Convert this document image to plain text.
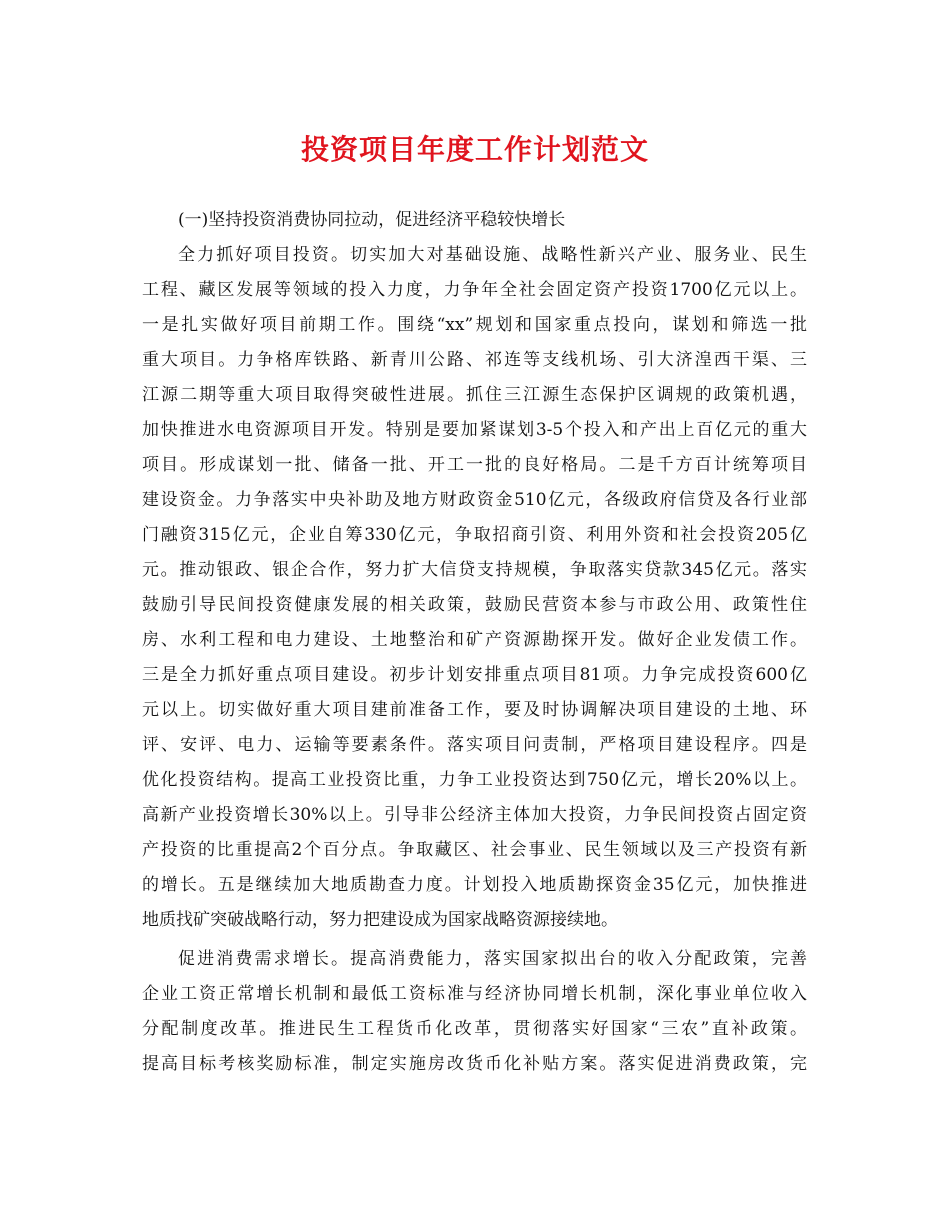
投资项目年度工作计划范文
(一)坚持投资消费协同拉动，促进经济平稳较快增长
全力抓好项目投资。切实加大对基础设施、战略性新兴产业、服务业、民生
工程、藏区发展等领域的投入力度，力争年全社会固定资产投资1700亿元以上。
一是扎实做好项目前期工作。围绕“xx”规划和国家重点投向，谋划和筛选一批
重大项目。力争格库铁路、新青川公路、祁连等支线机场、引大济湟西干渠、三
江源二期等重大项目取得突破性进展。抓住三江源生态保护区调规的政策机遇，
加快推进水电资源项目开发。特别是要加紧谋划3-5个投入和产出上百亿元的重大
项目。形成谋划一批、储备一批、开工一批的良好格局。二是千方百计统筹项目
建设资金。力争落实中央补助及地方财政资金510亿元，各级政府信贷及各行业部
门融资315亿元，企业自筹330亿元，争取招商引资、利用外资和社会投资205亿
元。推动银政、银企合作，努力扩大信贷支持规模，争取落实贷款345亿元。落实
鼓励引导民间投资健康发展的相关政策，鼓励民营资本参与市政公用、政策性住
房、水利工程和电力建设、土地整治和矿产资源勘探开发。做好企业发债工作。
三是全力抓好重点项目建设。初步计划安排重点项目81项。力争完成投资600亿
元以上。切实做好重大项目建前准备工作，要及时协调解决项目建设的土地、环
评、安评、电力、运输等要素条件。落实项目问责制，严格项目建设程序。四是
优化投资结构。提高工业投资比重，力争工业投资达到750亿元，增长20%以上。
高新产业投资增长30%以上。引导非公经济主体加大投资，力争民间投资占固定资
产投资的比重提高2个百分点。争取藏区、社会事业、民生领域以及三产投资有新
的增长。五是继续加大地质勘查力度。计划投入地质勘探资金35亿元，加快推进
地质找矿突破战略行动，努力把建设成为国家战略资源接续地。
促进消费需求增长。提高消费能力，落实国家拟出台的收入分配政策，完善
企业工资正常增长机制和最低工资标准与经济协同增长机制，深化事业单位收入
分配制度改革。推进民生工程货币化改革，贯彻落实好国家“三农”直补政策。
提高目标考核奖励标准，制定实施房改货币化补贴方案。落实促进消费政策，完
